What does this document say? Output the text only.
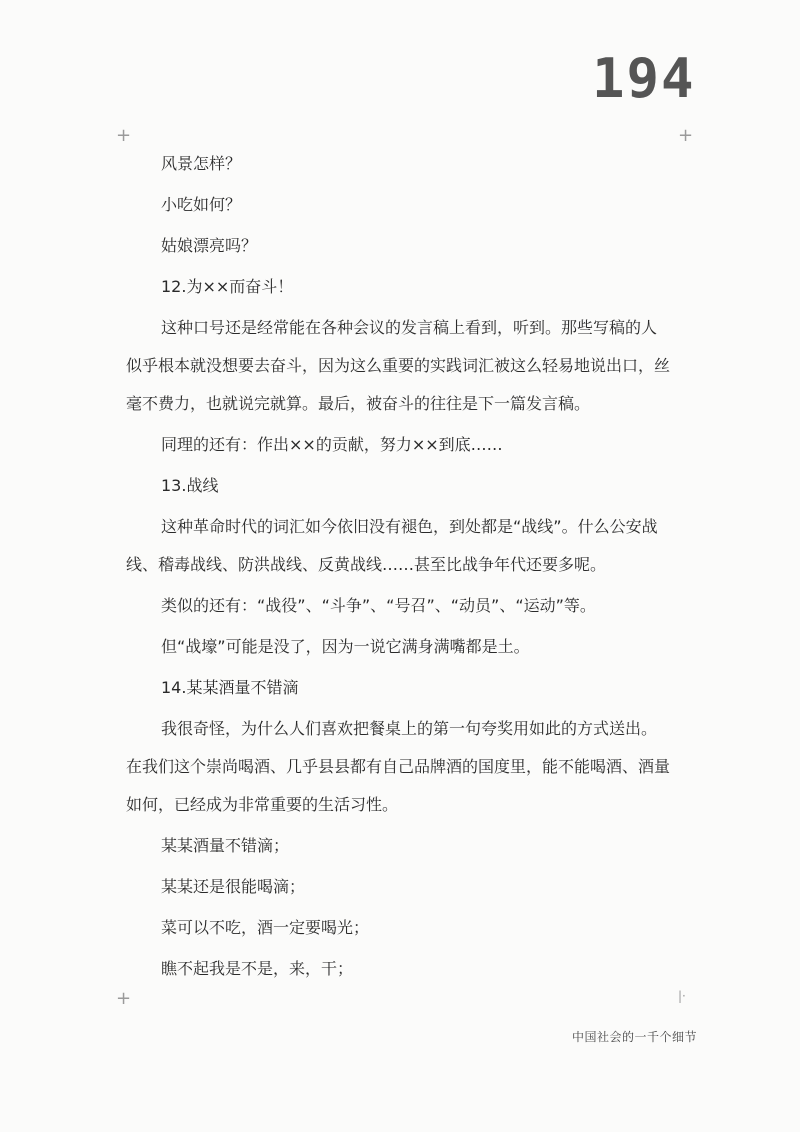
194
+	+
+	|·
风景怎样？
小吃如何？
姑娘漂亮吗？
12.为××而奋斗！
这种口号还是经常能在各种会议的发言稿上看到，听到。那些写稿的人
似乎根本就没想要去奋斗，因为这么重要的实践词汇被这么轻易地说出口，丝
毫不费力，也就说完就算。最后，被奋斗的往往是下一篇发言稿。
同理的还有：作出××的贡献，努力××到底……
13.战线
这种革命时代的词汇如今依旧没有褪色，到处都是“战线”。什么公安战
线、稽毒战线、防洪战线、反黄战线……甚至比战争年代还要多呢。
类似的还有：“战役”、“斗争”、“号召”、“动员”、“运动”等。
但“战壕”可能是没了，因为一说它满身满嘴都是土。
14.某某酒量不错滴
我很奇怪，为什么人们喜欢把餐桌上的第一句夸奖用如此的方式送出。
在我们这个崇尚喝酒、几乎县县都有自己品牌酒的国度里，能不能喝酒、酒量
如何，已经成为非常重要的生活习性。
某某酒量不错滴；
某某还是很能喝滴；
菜可以不吃，酒一定要喝光；
瞧不起我是不是，来，干；
中国社会的一千个细节
